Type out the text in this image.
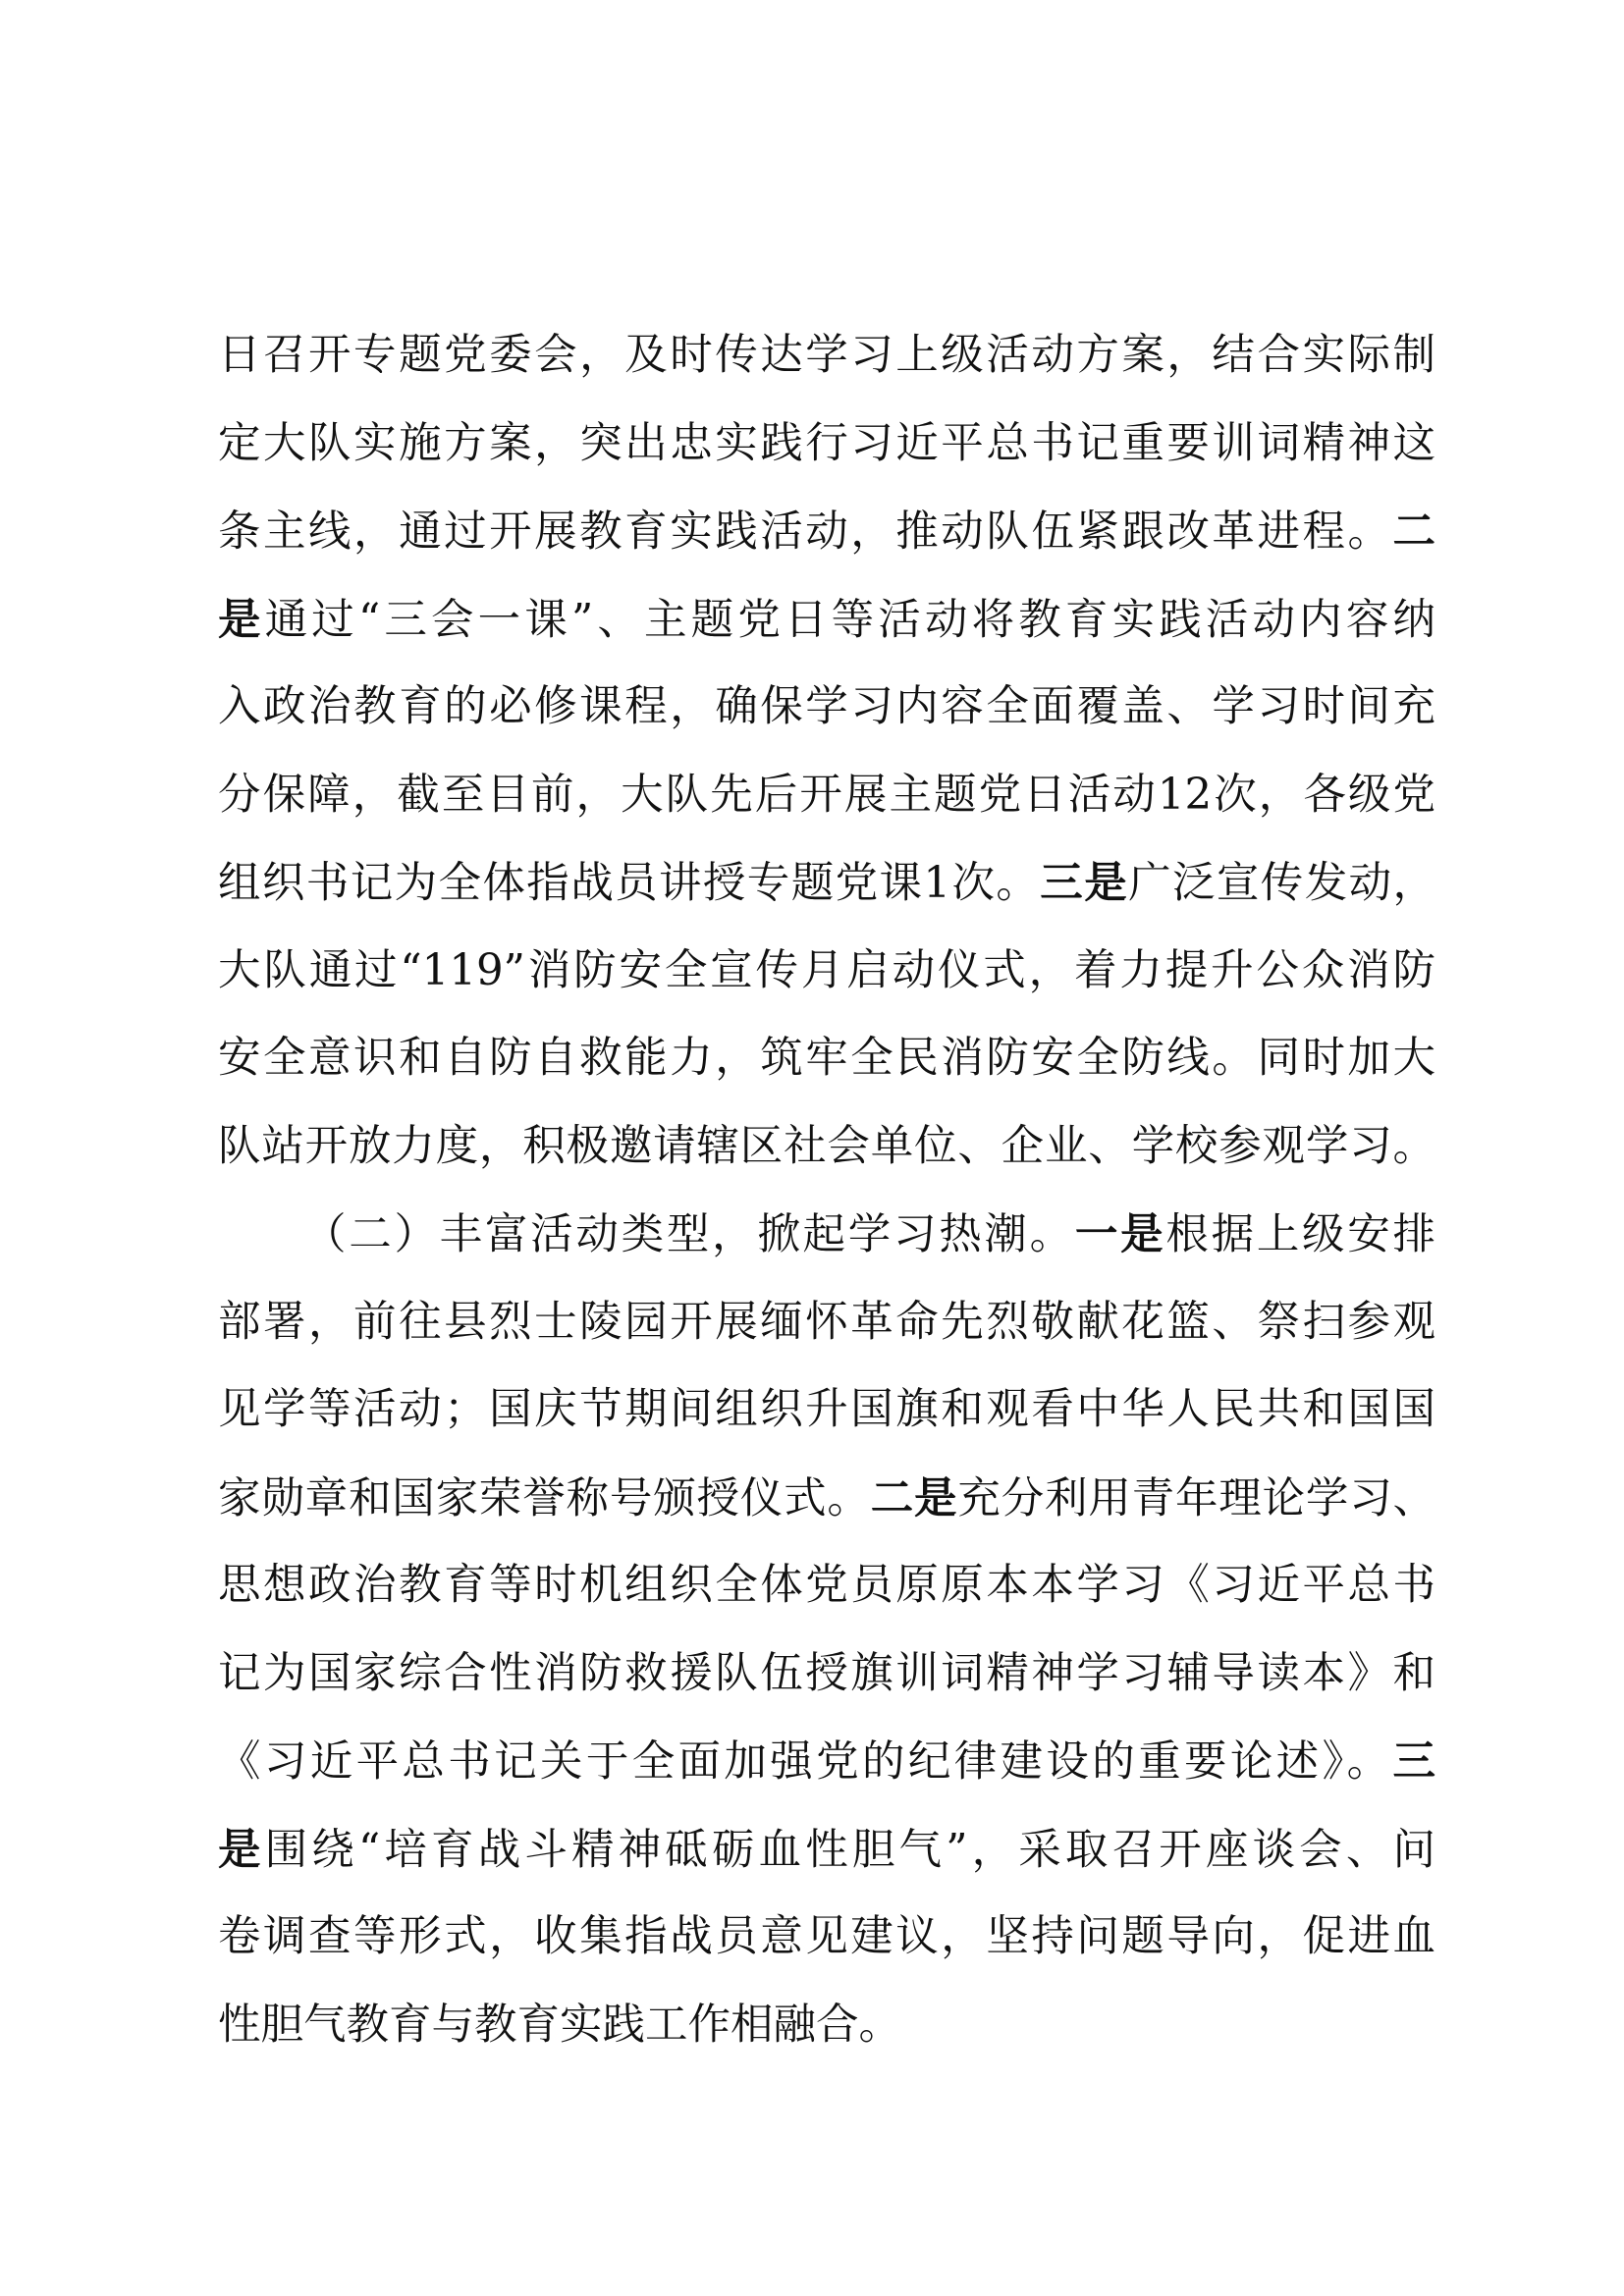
日召开专题党委会，及时传达学习上级活动方案，结合实际制
定大队实施方案，突出忠实践行习近平总书记重要训词精神这
条主线，通过开展教育实践活动，推动队伍紧跟改革进程。二
是通过“三会一课”、主题党日等活动将教育实践活动内容纳
入政治教育的必修课程，确保学习内容全面覆盖、学习时间充
分保障，截至目前，大队先后开展主题党日活动12次，各级党
组织书记为全体指战员讲授专题党课1次。三是广泛宣传发动，
大队通过“119”消防安全宣传月启动仪式，着力提升公众消防
安全意识和自防自救能力，筑牢全民消防安全防线。同时加大
队站开放力度，积极邀请辖区社会单位、企业、学校参观学习。
（二）丰富活动类型，掀起学习热潮。一是根据上级安排
部署，前往县烈士陵园开展缅怀革命先烈敬献花篮、祭扫参观
见学等活动；国庆节期间组织升国旗和观看中华人民共和国国
家勋章和国家荣誉称号颁授仪式。二是充分利用青年理论学习、
思想政治教育等时机组织全体党员原原本本学习《习近平总书
记为国家综合性消防救援队伍授旗训词精神学习辅导读本》和
《习近平总书记关于全面加强党的纪律建设的重要论述》。三
是围绕“培育战斗精神砥砺血性胆气”，采取召开座谈会、问
卷调查等形式，收集指战员意见建议，坚持问题导向，促进血
性胆气教育与教育实践工作相融合。
